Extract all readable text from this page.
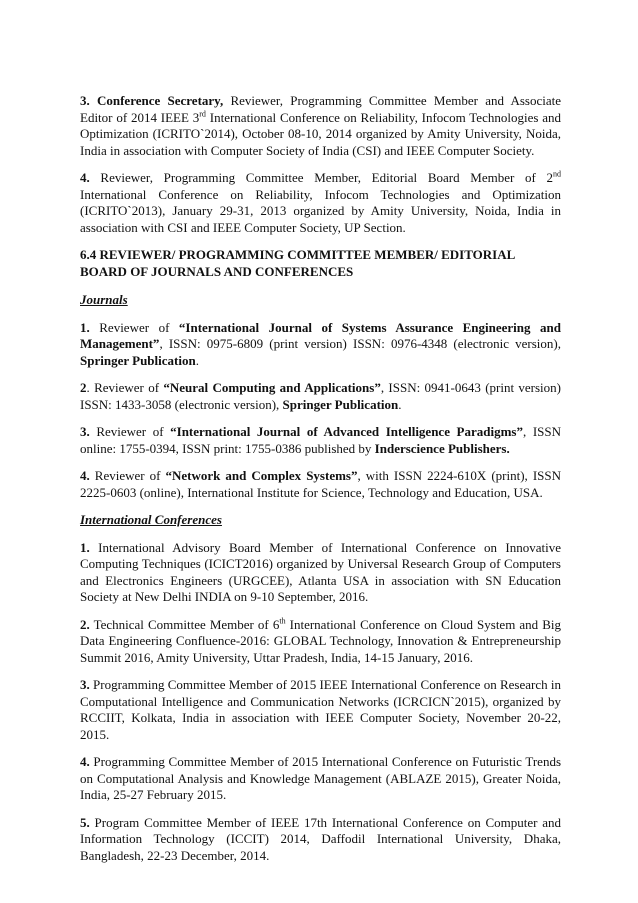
3. Conference Secretary, Reviewer, Programming Committee Member and Associate Editor of 2014 IEEE 3rd International Conference on Reliability, Infocom Technologies and Optimization (ICRITO`2014), October 08-10, 2014 organized by Amity University, Noida, India in association with Computer Society of India (CSI) and IEEE Computer Society.

4. Reviewer, Programming Committee Member, Editorial Board Member of 2nd International Conference on Reliability, Infocom Technologies and Optimization (ICRITO`2013), January 29-31, 2013 organized by Amity University, Noida, India in association with CSI and IEEE Computer Society, UP Section.

6.4 REVIEWER/ PROGRAMMING COMMITTEE MEMBER/ EDITORIAL BOARD OF JOURNALS AND CONFERENCES

Journals

1. Reviewer of “International Journal of Systems Assurance Engineering and Management”, ISSN: 0975-6809 (print version) ISSN: 0976-4348 (electronic version), Springer Publication.

2. Reviewer of “Neural Computing and Applications”, ISSN: 0941-0643 (print version) ISSN: 1433-3058 (electronic version), Springer Publication.

3. Reviewer of “International Journal of Advanced Intelligence Paradigms”, ISSN online: 1755-0394, ISSN print: 1755-0386 published by Inderscience Publishers.

4. Reviewer of “Network and Complex Systems”, with ISSN 2224-610X (print), ISSN 2225-0603 (online), International Institute for Science, Technology and Education, USA.

International Conferences

1. International Advisory Board Member of International Conference on Innovative Computing Techniques (ICICT2016) organized by Universal Research Group of Computers and Electronics Engineers (URGCEE), Atlanta USA in association with SN Education Society at New Delhi INDIA on 9-10 September, 2016.

2. Technical Committee Member of 6th International Conference on Cloud System and Big Data Engineering Confluence-2016: GLOBAL Technology, Innovation & Entrepreneurship Summit 2016, Amity University, Uttar Pradesh, India, 14-15 January, 2016.

3. Programming Committee Member of 2015 IEEE International Conference on Research in Computational Intelligence and Communication Networks (ICRCICN`2015), organized by RCCIIT, Kolkata, India in association with IEEE Computer Society, November 20-22, 2015.

4. Programming Committee Member of 2015 International Conference on Futuristic Trends on Computational Analysis and Knowledge Management (ABLAZE 2015), Greater Noida, India, 25-27 February 2015.

5. Program Committee Member of IEEE 17th International Conference on Computer and Information Technology (ICCIT) 2014, Daffodil International University, Dhaka, Bangladesh, 22-23 December, 2014.
